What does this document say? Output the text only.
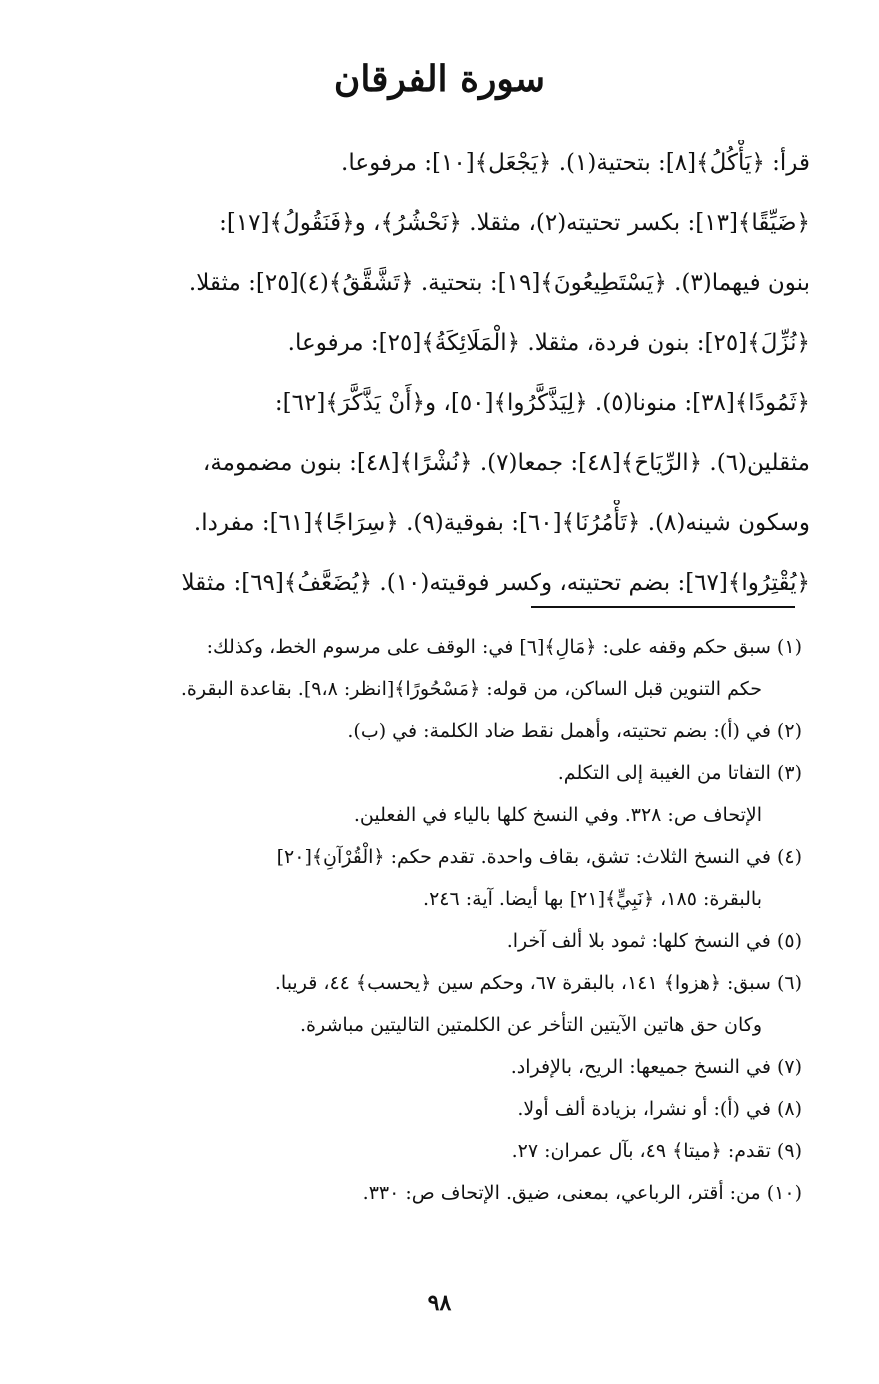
سورة الفرقان
قرأ: ﴿يَأْكُلُ﴾[٨]: بتحتية(١). ﴿يَجْعَل﴾[١٠]: مرفوعا.
﴿ضَيِّقًا﴾[١٣]: بكسر تحتيته(٢)، مثقلا. ﴿نَحْشُرُ﴾، و﴿فَنَقُولُ﴾[١٧]:
بنون فيهما(٣). ﴿يَسْتَطِيعُونَ﴾[١٩]: بتحتية. ﴿تَشَّقَّقُ﴾(٤)[٢٥]: مثقلا.
﴿نُزِّلَ﴾[٢٥]: بنون فردة، مثقلا. ﴿الْمَلَائِكَةُ﴾[٢٥]: مرفوعا.
﴿ثَمُودًا﴾[٣٨]: منونا(٥). ﴿لِيَذَّكَّرُوا﴾[٥٠]، و﴿أَنْ يَذَّكَّرَ﴾[٦٢]:
مثقلين(٦). ﴿الرِّيَاحَ﴾[٤٨]: جمعا(٧). ﴿نُشْرًا﴾[٤٨]: بنون مضمومة،
وسكون شينه(٨). ﴿تَأْمُرُنَا﴾[٦٠]: بفوقية(٩). ﴿سِرَاجًا﴾[٦١]: مفردا.
﴿يُقْتِرُوا﴾[٦٧]: بضم تحتيته، وكسر فوقيته(١٠). ﴿يُضَعَّفُ﴾[٦٩]: مثقلا
(١) سبق حكم وقفه على: ﴿مَالِ﴾[٦] في: الوقف على مرسوم الخط، وكذلك:
حكم التنوين قبل الساكن، من قوله: ﴿مَسْحُورًا﴾[انظر: ٩،٨]. بقاعدة البقرة.
(٢) في (أ): بضم تحتيته، وأهمل نقط ضاد الكلمة: في (ب).
(٣) التفاتا من الغيبة إلى التكلم.
الإتحاف ص: ٣٢٨. وفي النسخ كلها بالياء في الفعلين.
(٤) في النسخ الثلاث: تشق، بقاف واحدة. تقدم حكم: ﴿الْقُرْآنِ﴾[٢٠]
بالبقرة: ١٨٥، ﴿نَبِيٍّ﴾[٢١] بها أيضا. آية: ٢٤٦.
(٥) في النسخ كلها: ثمود بلا ألف آخرا.
(٦) سبق: ﴿هزوا﴾ ١٤١، بالبقرة ٦٧، وحكم سين ﴿يحسب﴾ ٤٤، قريبا.
وكان حق هاتين الآيتين التأخر عن الكلمتين التاليتين مباشرة.
(٧) في النسخ جميعها: الريح، بالإفراد.
(٨) في (أ): أو نشرا، بزيادة ألف أولا.
(٩) تقدم: ﴿ميتا﴾ ٤٩، بآل عمران: ٢٧.
(١٠) من: أقتر، الرباعي، بمعنى، ضيق. الإتحاف ص: ٣٣٠.
٩٨
